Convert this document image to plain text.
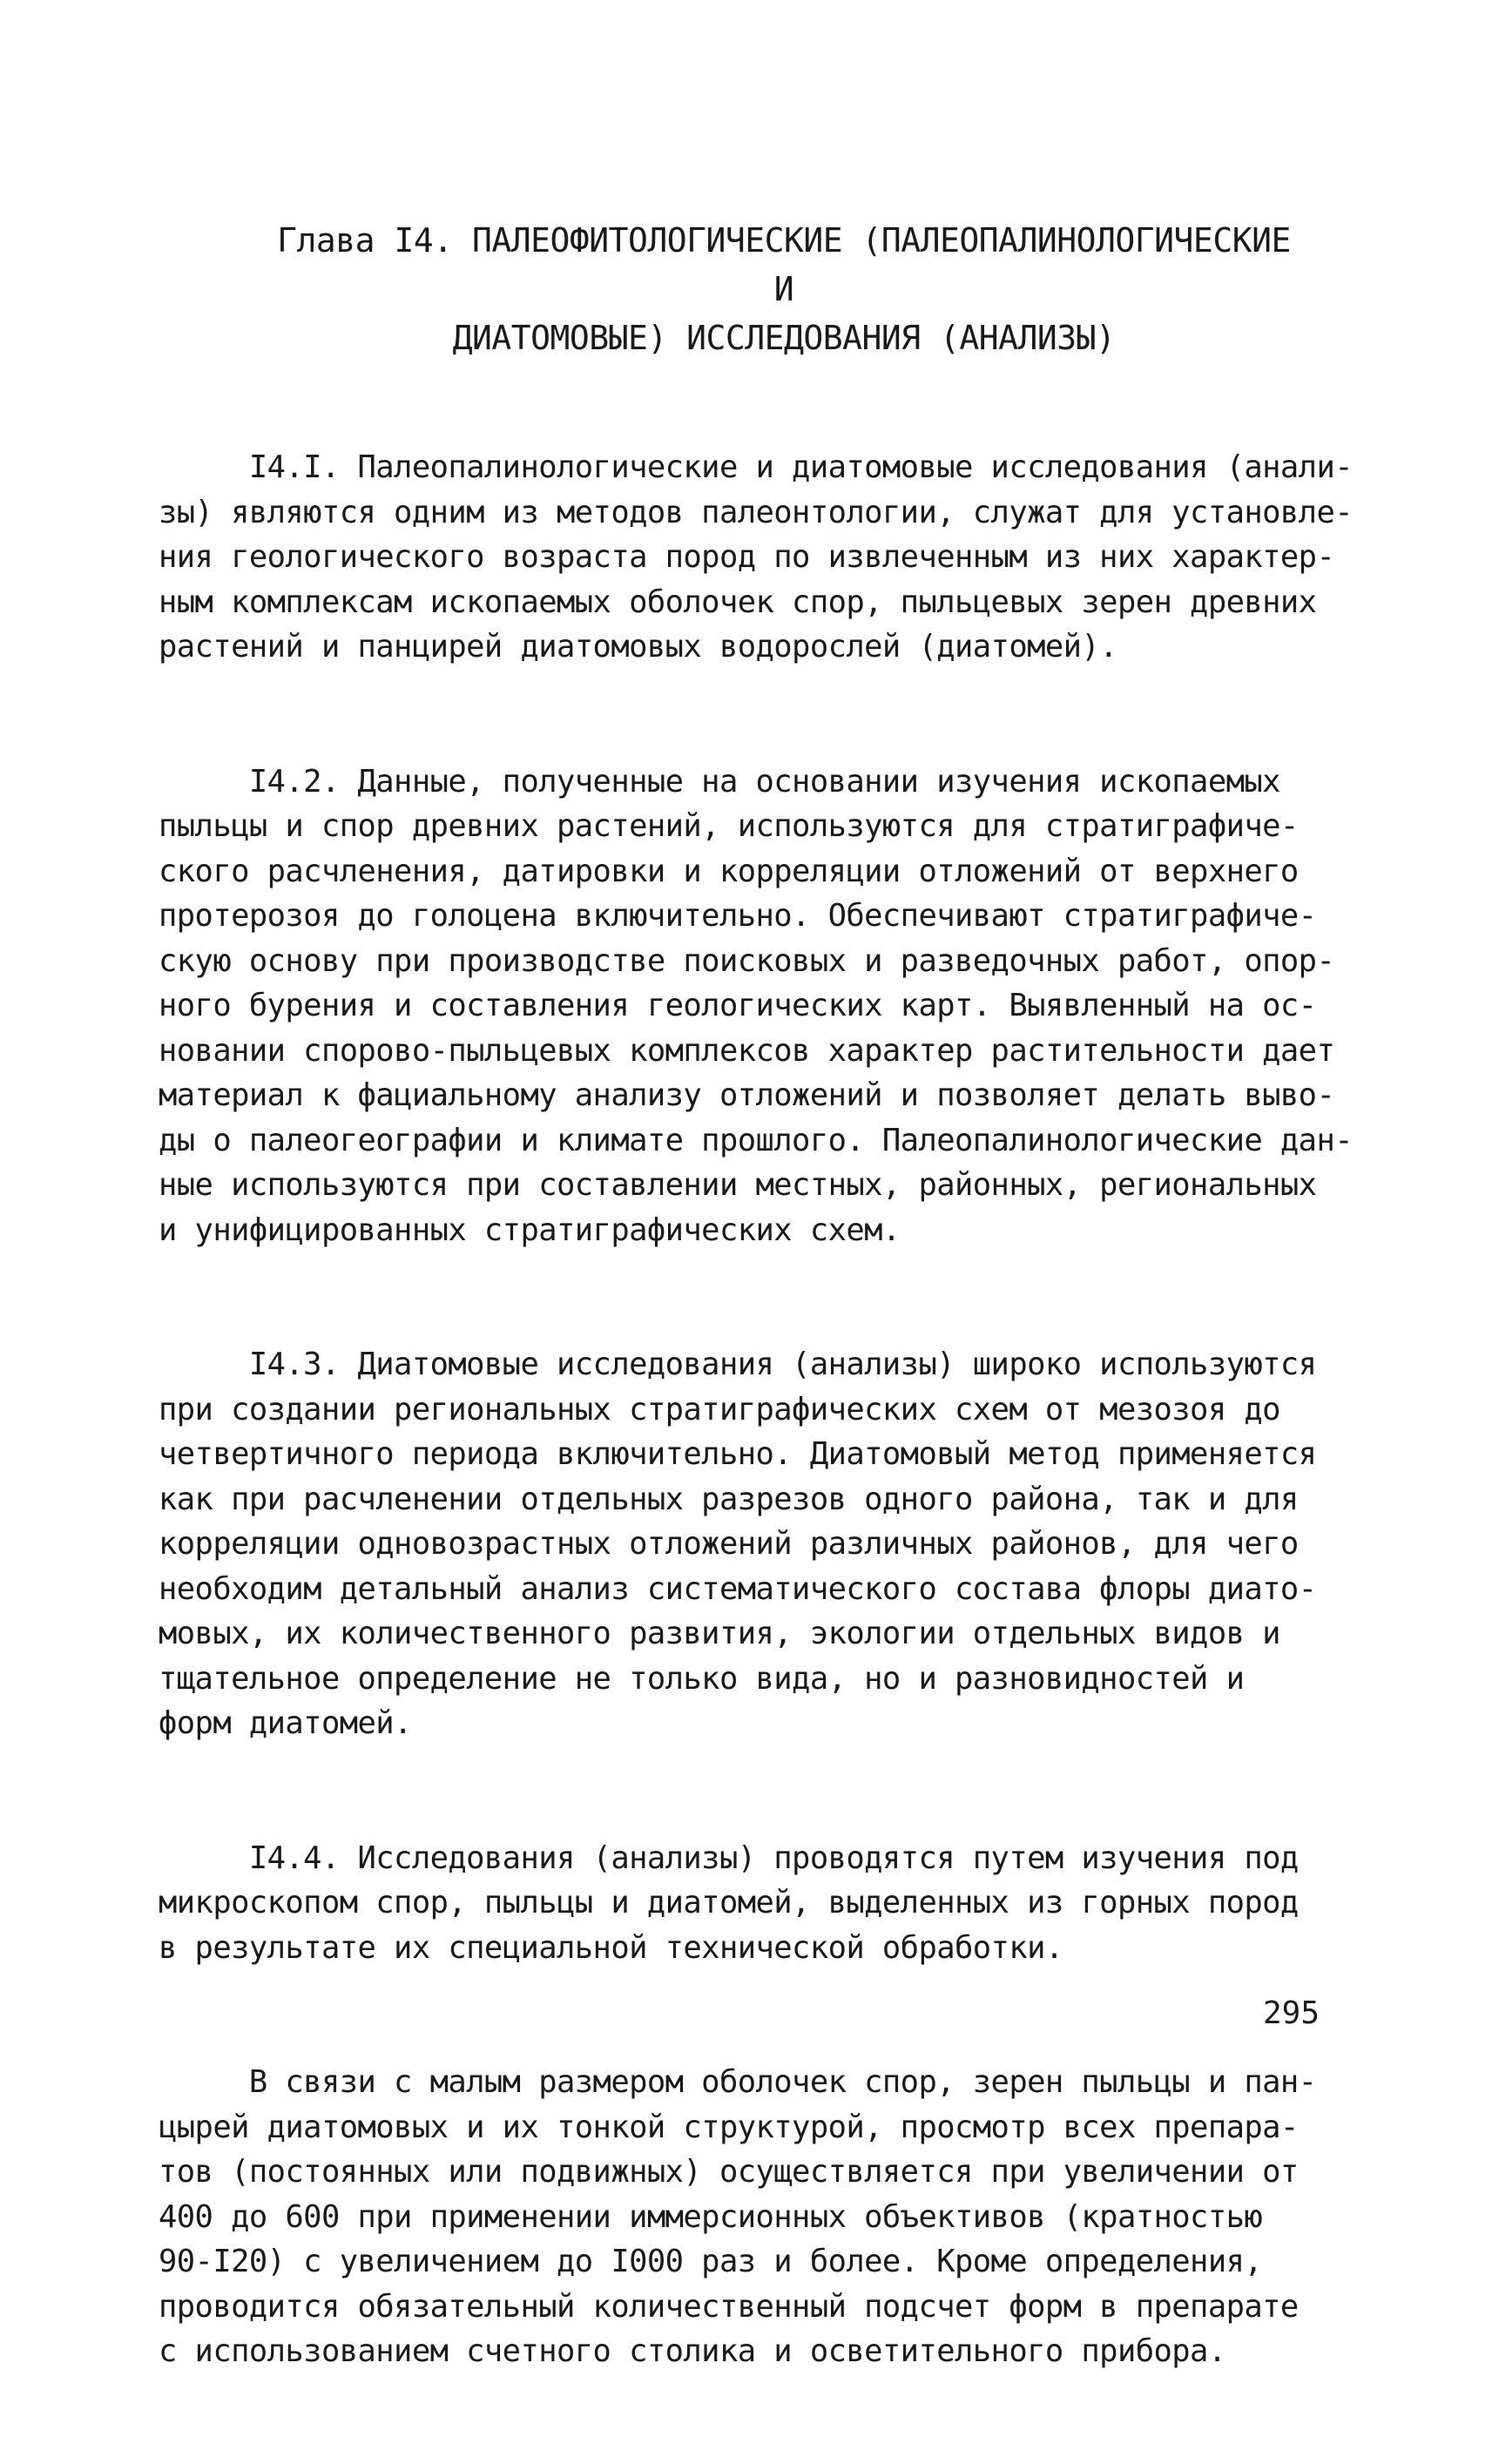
Глава I4. ПАЛЕОФИТОЛОГИЧЕСКИЕ (ПАЛЕОПАЛИНОЛОГИЧЕСКИЕ И
ДИАТОМОВЫЕ) ИССЛЕДОВАНИЯ (АНАЛИЗЫ)

I4.I. Палеопалинологические и диатомовые исследования (анали-
зы) являются одним из методов палеонтологии, служат для установле-
ния геологического возраста пород по извлеченным из них характер-
ным комплексам ископаемых оболочек спор, пыльцевых зерен древних
растений и панцирей диатомовых водорослей (диатомей).

I4.2. Данные, полученные на основании изучения ископаемых
пыльцы и спор древних растений, используются для стратиграфиче-
ского расчленения, датировки и корреляции отложений от верхнего
протерозоя до голоцена включительно. Обеспечивают стратиграфиче-
скую основу при производстве поисковых и разведочных работ, опор-
ного бурения и составления геологических карт. Выявленный на ос-
новании спорово-пыльцевых комплексов характер растительности дает
материал к фациальному анализу отложений и позволяет делать выво-
ды о палеогеографии и климате прошлого. Палеопалинологические дан-
ные используются при составлении местных, районных, региональных
и унифицированных стратиграфических схем.

I4.3. Диатомовые исследования (анализы) широко используются
при создании региональных стратиграфических схем от мезозоя до
четвертичного периода включительно. Диатомовый метод применяется
как при расчленении отдельных разрезов одного района, так и для
корреляции одновозрастных отложений различных районов, для чего
необходим детальный анализ систематического состава флоры диато-
мовых, их количественного развития, экологии отдельных видов и
тщательное определение не только вида, но и разновидностей и
форм диатомей.

I4.4. Исследования (анализы) проводятся путем изучения под
микроскопом спор, пыльцы и диатомей, выделенных из горных пород
в результате их специальной технической обработки.

В связи с малым размером оболочек спор, зерен пыльцы и пан-
цырей диатомовых и их тонкой структурой, просмотр всех препара-
тов (постоянных или подвижных) осуществляется при увеличении от
400 до 600 при применении иммерсионных объективов (кратностью
90-I20) с увеличением до I000 раз и более. Кроме определения,
проводится обязательный количественный подсчет форм в препарате
с использованием счетного столика и осветительного прибора.

295
